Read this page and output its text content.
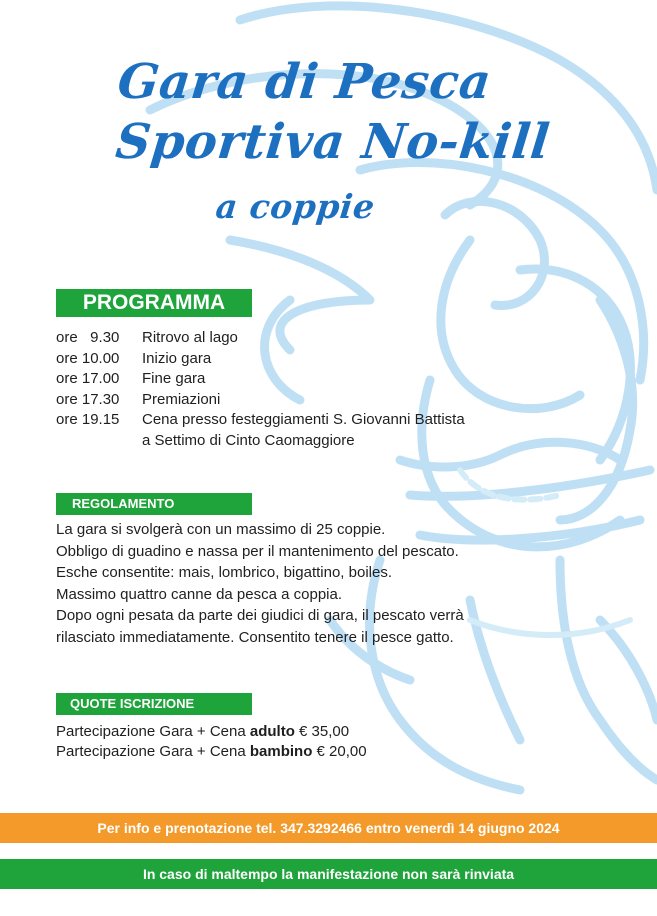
Gara di Pesca
Sportiva No-kill
a coppie
PROGRAMMA
ore   9.30	Ritrovo al lago
ore 10.00	Inizio gara
ore 17.00	Fine gara
ore 17.30	Premiazioni
ore 19.15	Cena presso festeggiamenti S. Giovanni Battista
a Settimo di Cinto Caomaggiore
REGOLAMENTO
La gara si svolgerà con un massimo di 25 coppie.
Obbligo di guadino e nassa per il mantenimento del pescato.
Esche consentite: mais, lombrico, bigattino, boiles.
Massimo quattro canne da pesca a coppia.
Dopo ogni pesata da parte dei giudici di gara, il pescato verrà
rilasciato immediatamente. Consentito tenere il pesce gatto.
QUOTE ISCRIZIONE
Partecipazione Gara + Cena adulto € 35,00
Partecipazione Gara + Cena bambino € 20,00
Per info e prenotazione tel. 347.3292466 entro venerdì 14 giugno 2024
In caso di maltempo la manifestazione non sarà rinviata
